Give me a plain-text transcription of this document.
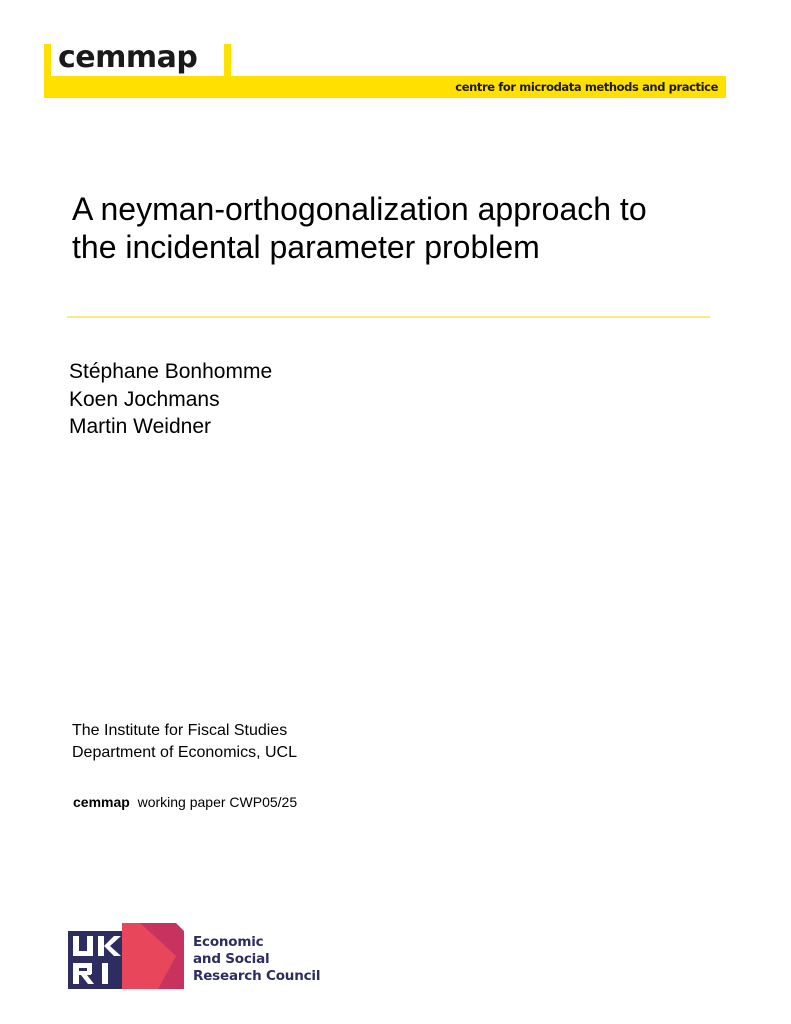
cemmap
centre for microdata methods and practice
A neyman-orthogonalization approach to
the incidental parameter problem
Stéphane Bonhomme
Koen Jochmans
Martin Weidner
The Institute for Fiscal Studies
Department of Economics, UCL
cemmap working paper CWP05/25
Economic
and Social
Research Council
